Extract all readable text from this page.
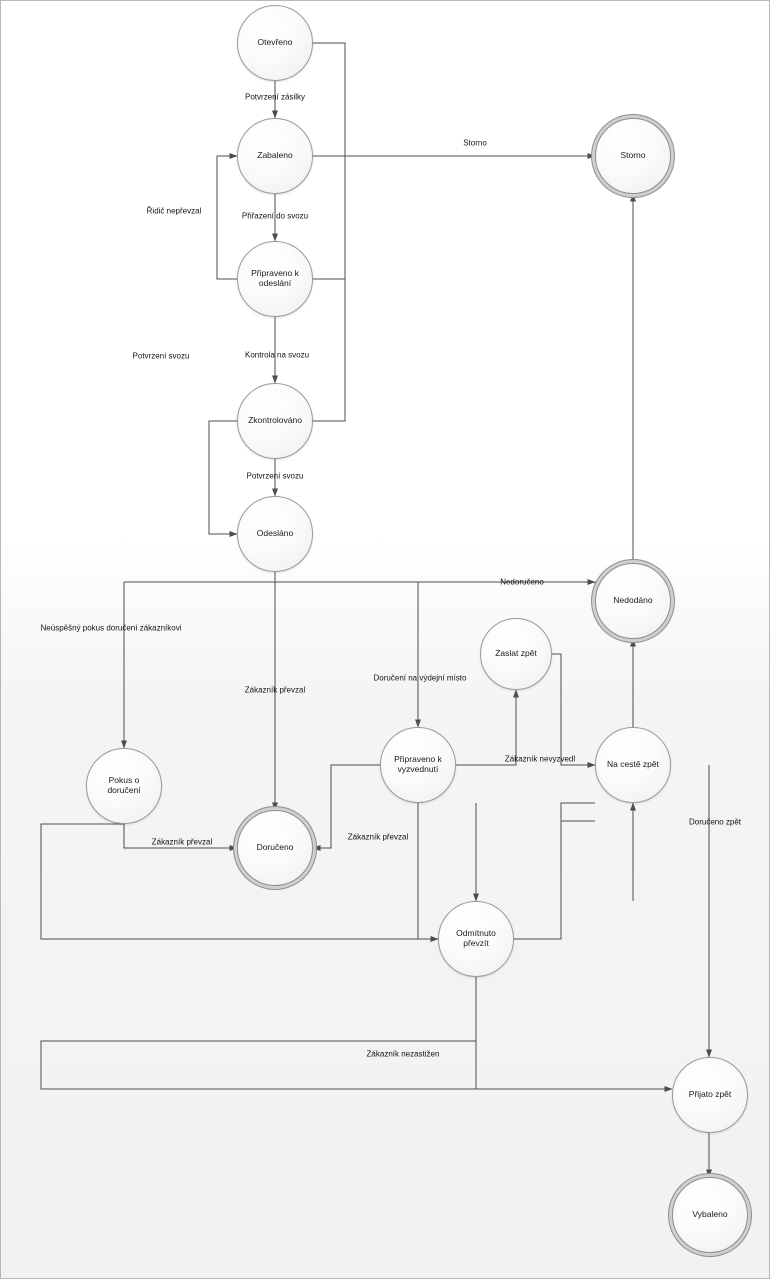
Otevřeno
Zabaleno	Storno
Připraveno k odeslání
Zkontrolováno
Odesláno
Nedodáno
Zaslat zpět
Připraveno k vyzvednutí	Na cestě zpět
Pokus o doručení
Doručeno
Odmítnuto převzít
Přijato zpět
Vybaleno
Potvrzení zásilky
Storno
Řidič nepřevzal
Přiřazení do svozu
Potvrzení svozu	Kontrola na svozu
Potvrzení svozu
Nedoručeno
Neúspěšný pokus doručení zákazníkovi
Zákazník převzal
Doručení na výdejní místo
Zákazník nevyzvedl
Zákazník převzal
Zákazník převzal
Doručeno zpět
Zákazník nezastižen
